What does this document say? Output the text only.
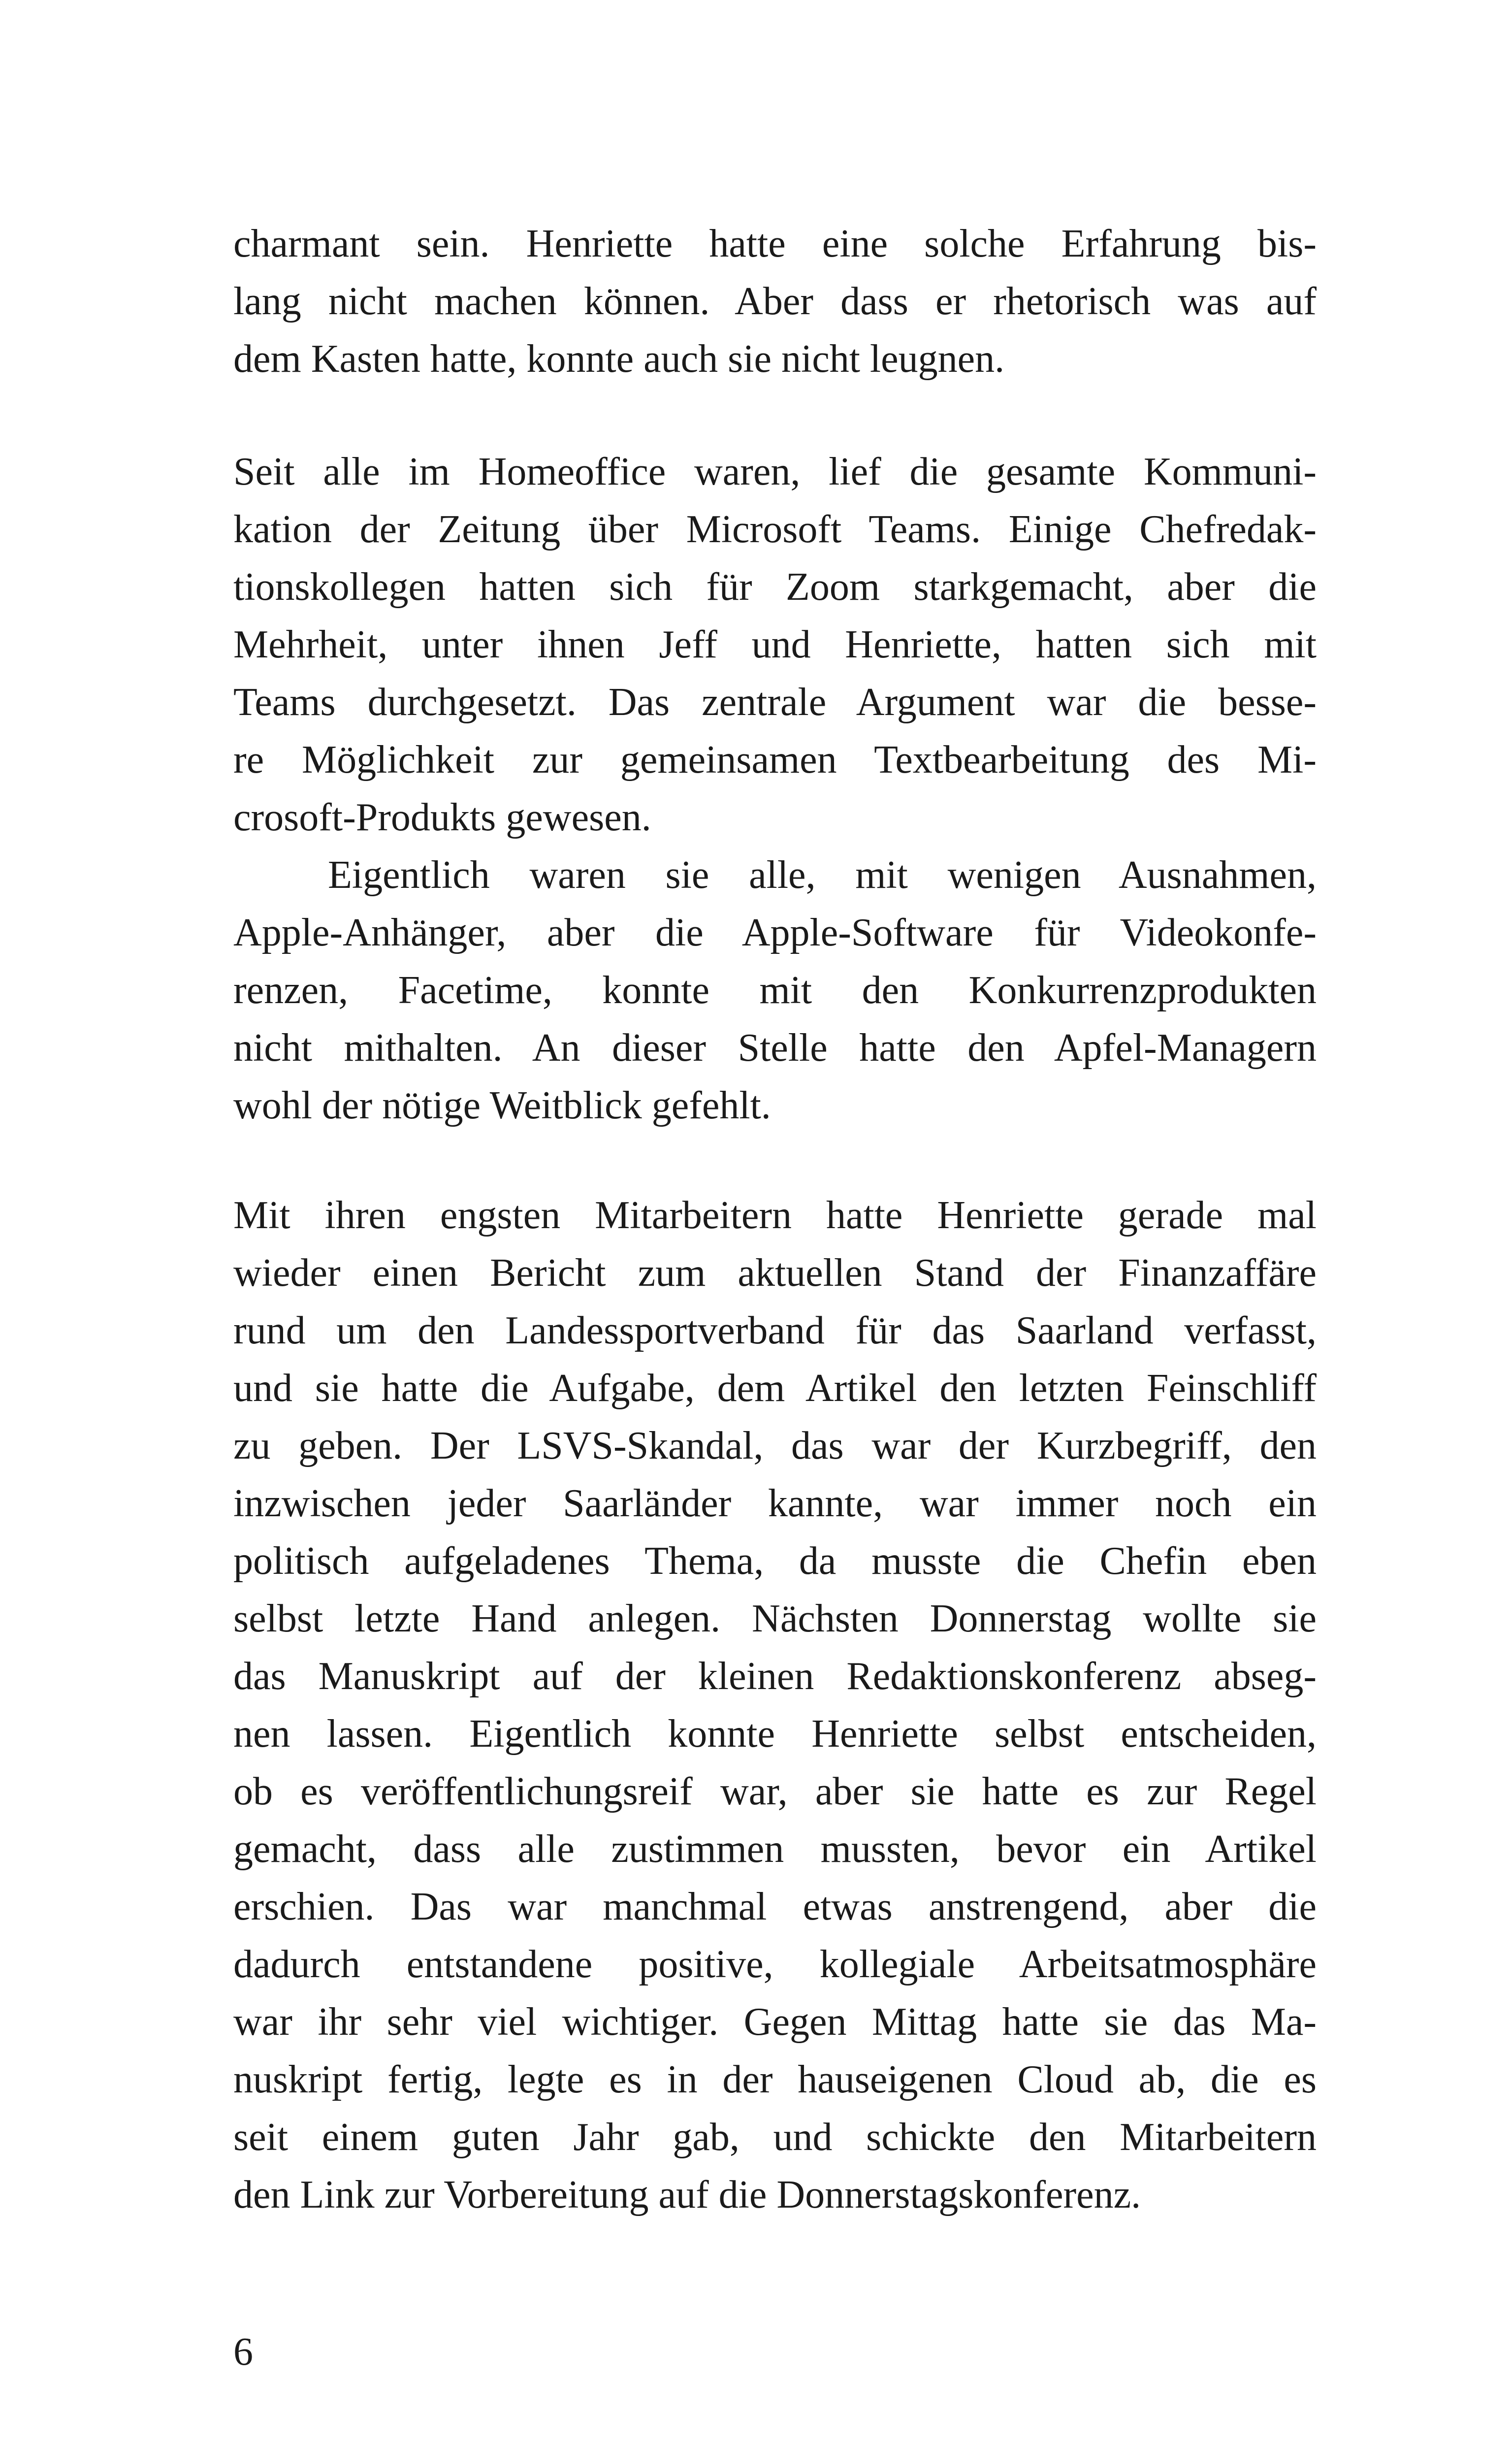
charmant sein. Henriette hatte eine solche Erfahrung bis-
lang nicht machen können. Aber dass er rhetorisch was auf
dem Kasten hatte, konnte auch sie nicht leugnen.
Seit alle im Homeoffice waren, lief die gesamte Kommuni-
kation der Zeitung über Microsoft Teams. Einige Chefredak-
tionskollegen hatten sich für Zoom starkgemacht, aber die
Mehrheit, unter ihnen Jeff und Henriette, hatten sich mit
Teams durchgesetzt. Das zentrale Argument war die besse-
re Möglichkeit zur gemeinsamen Textbearbeitung des Mi-
crosoft-Produkts gewesen.
Eigentlich waren sie alle, mit wenigen Ausnahmen,
Apple-Anhänger, aber die Apple-Software für Videokonfe-
renzen, Facetime, konnte mit den Konkurrenzprodukten
nicht mithalten. An dieser Stelle hatte den Apfel-Managern
wohl der nötige Weitblick gefehlt.
Mit ihren engsten Mitarbeitern hatte Henriette gerade mal
wieder einen Bericht zum aktuellen Stand der Finanzaffäre
rund um den Landessportverband für das Saarland verfasst,
und sie hatte die Aufgabe, dem Artikel den letzten Feinschliff
zu geben. Der LSVS-Skandal, das war der Kurzbegriff, den
inzwischen jeder Saarländer kannte, war immer noch ein
politisch aufgeladenes Thema, da musste die Chefin eben
selbst letzte Hand anlegen. Nächsten Donnerstag wollte sie
das Manuskript auf der kleinen Redaktionskonferenz abseg-
nen lassen. Eigentlich konnte Henriette selbst entscheiden,
ob es veröffentlichungsreif war, aber sie hatte es zur Regel
gemacht, dass alle zustimmen mussten, bevor ein Artikel
erschien. Das war manchmal etwas anstrengend, aber die
dadurch entstandene positive, kollegiale Arbeitsatmosphäre
war ihr sehr viel wichtiger. Gegen Mittag hatte sie das Ma-
nuskript fertig, legte es in der hauseigenen Cloud ab, die es
seit einem guten Jahr gab, und schickte den Mitarbeitern
den Link zur Vorbereitung auf die Donnerstagskonferenz.
6
